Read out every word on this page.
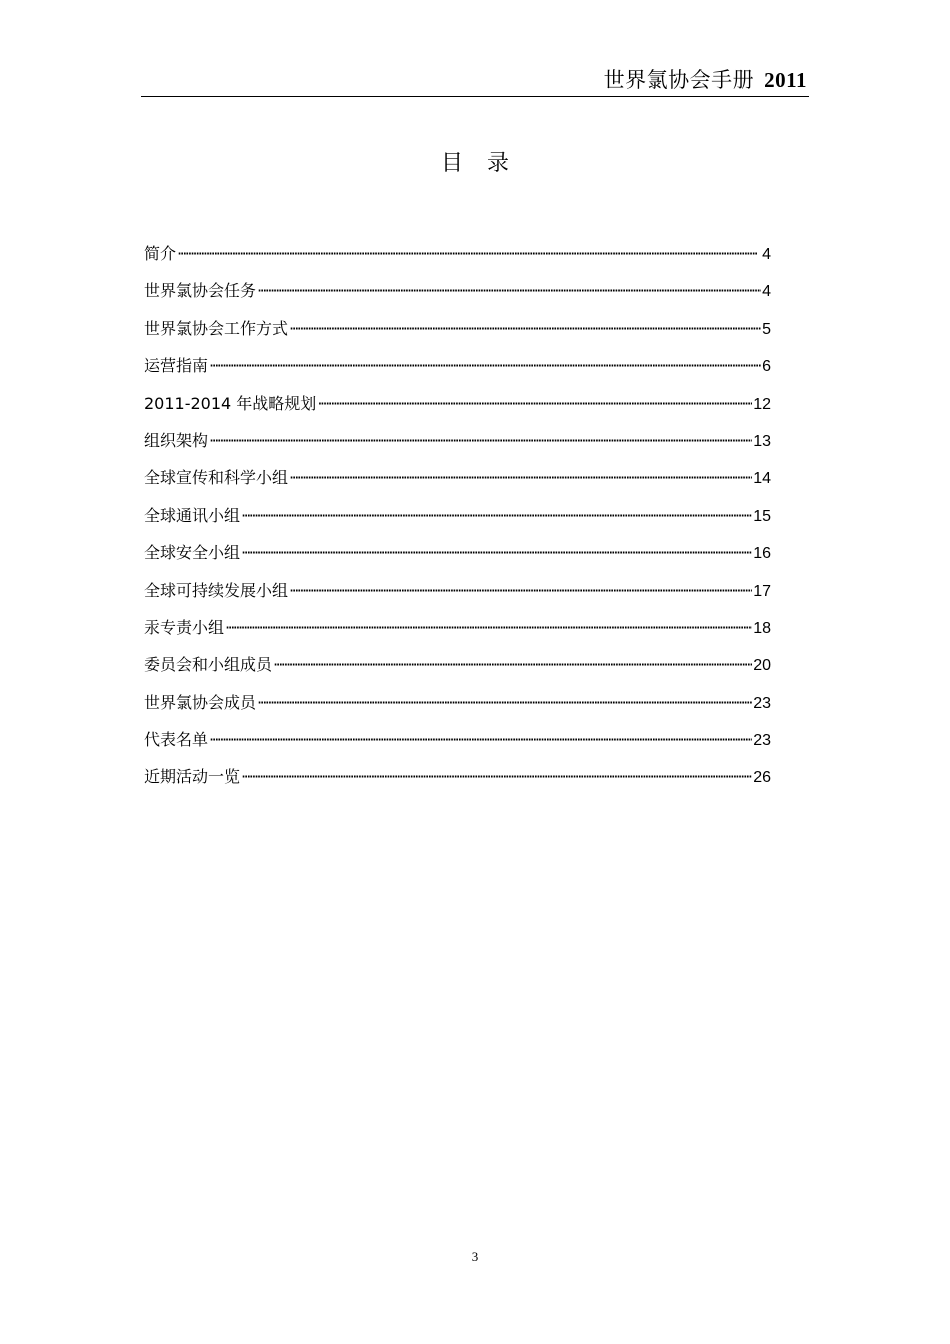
世界氯协会手册 2011
目录
简介 ·····	4
世界氯协会任务 ·····	4
世界氯协会工作方式 ·····	5
运营指南 ·····	6
2011-2014 年战略规划 ·····	12
组织架构 ·····	13
全球宣传和科学小组 ·····	14
全球通讯小组 ·····	15
全球安全小组 ·····	16
全球可持续发展小组 ·····	17
汞专责小组 ·····	18
委员会和小组成员 ·····	20
世界氯协会成员 ·····	23
代表名单 ·····	23
近期活动一览 ·····	26
3
